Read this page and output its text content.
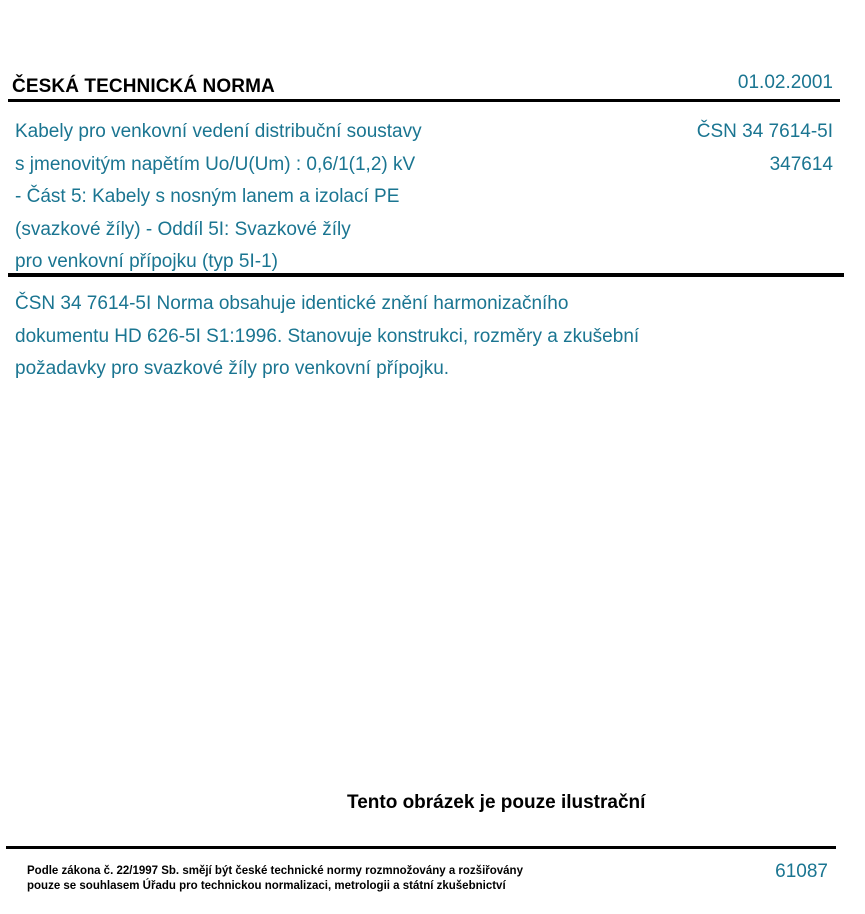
ČESKÁ TECHNICKÁ NORMA	01.02.2001
Kabely pro venkovní vedení distribuční soustavy
s jmenovitým napětím Uo/U(Um) : 0,6/1(1,2) kV
- Část 5: Kabely s nosným lanem a izolací PE
(svazkové žíly) - Oddíl 5I: Svazkové žíly
pro venkovní přípojku (typ 5I-1)
ČSN 34 7614-5I
347614
ČSN 34 7614-5I Norma obsahuje identické znění harmonizačního
dokumentu HD 626-5I S1:1996. Stanovuje konstrukci, rozměry a zkušební
požadavky pro svazkové žíly pro venkovní přípojku.
Tento obrázek je pouze ilustrační
Podle zákona č. 22/1997 Sb. smějí být české technické normy rozmnožovány a rozšiřovány
pouze se souhlasem Úřadu pro technickou normalizaci, metrologii a státní zkušebnictví
61087
